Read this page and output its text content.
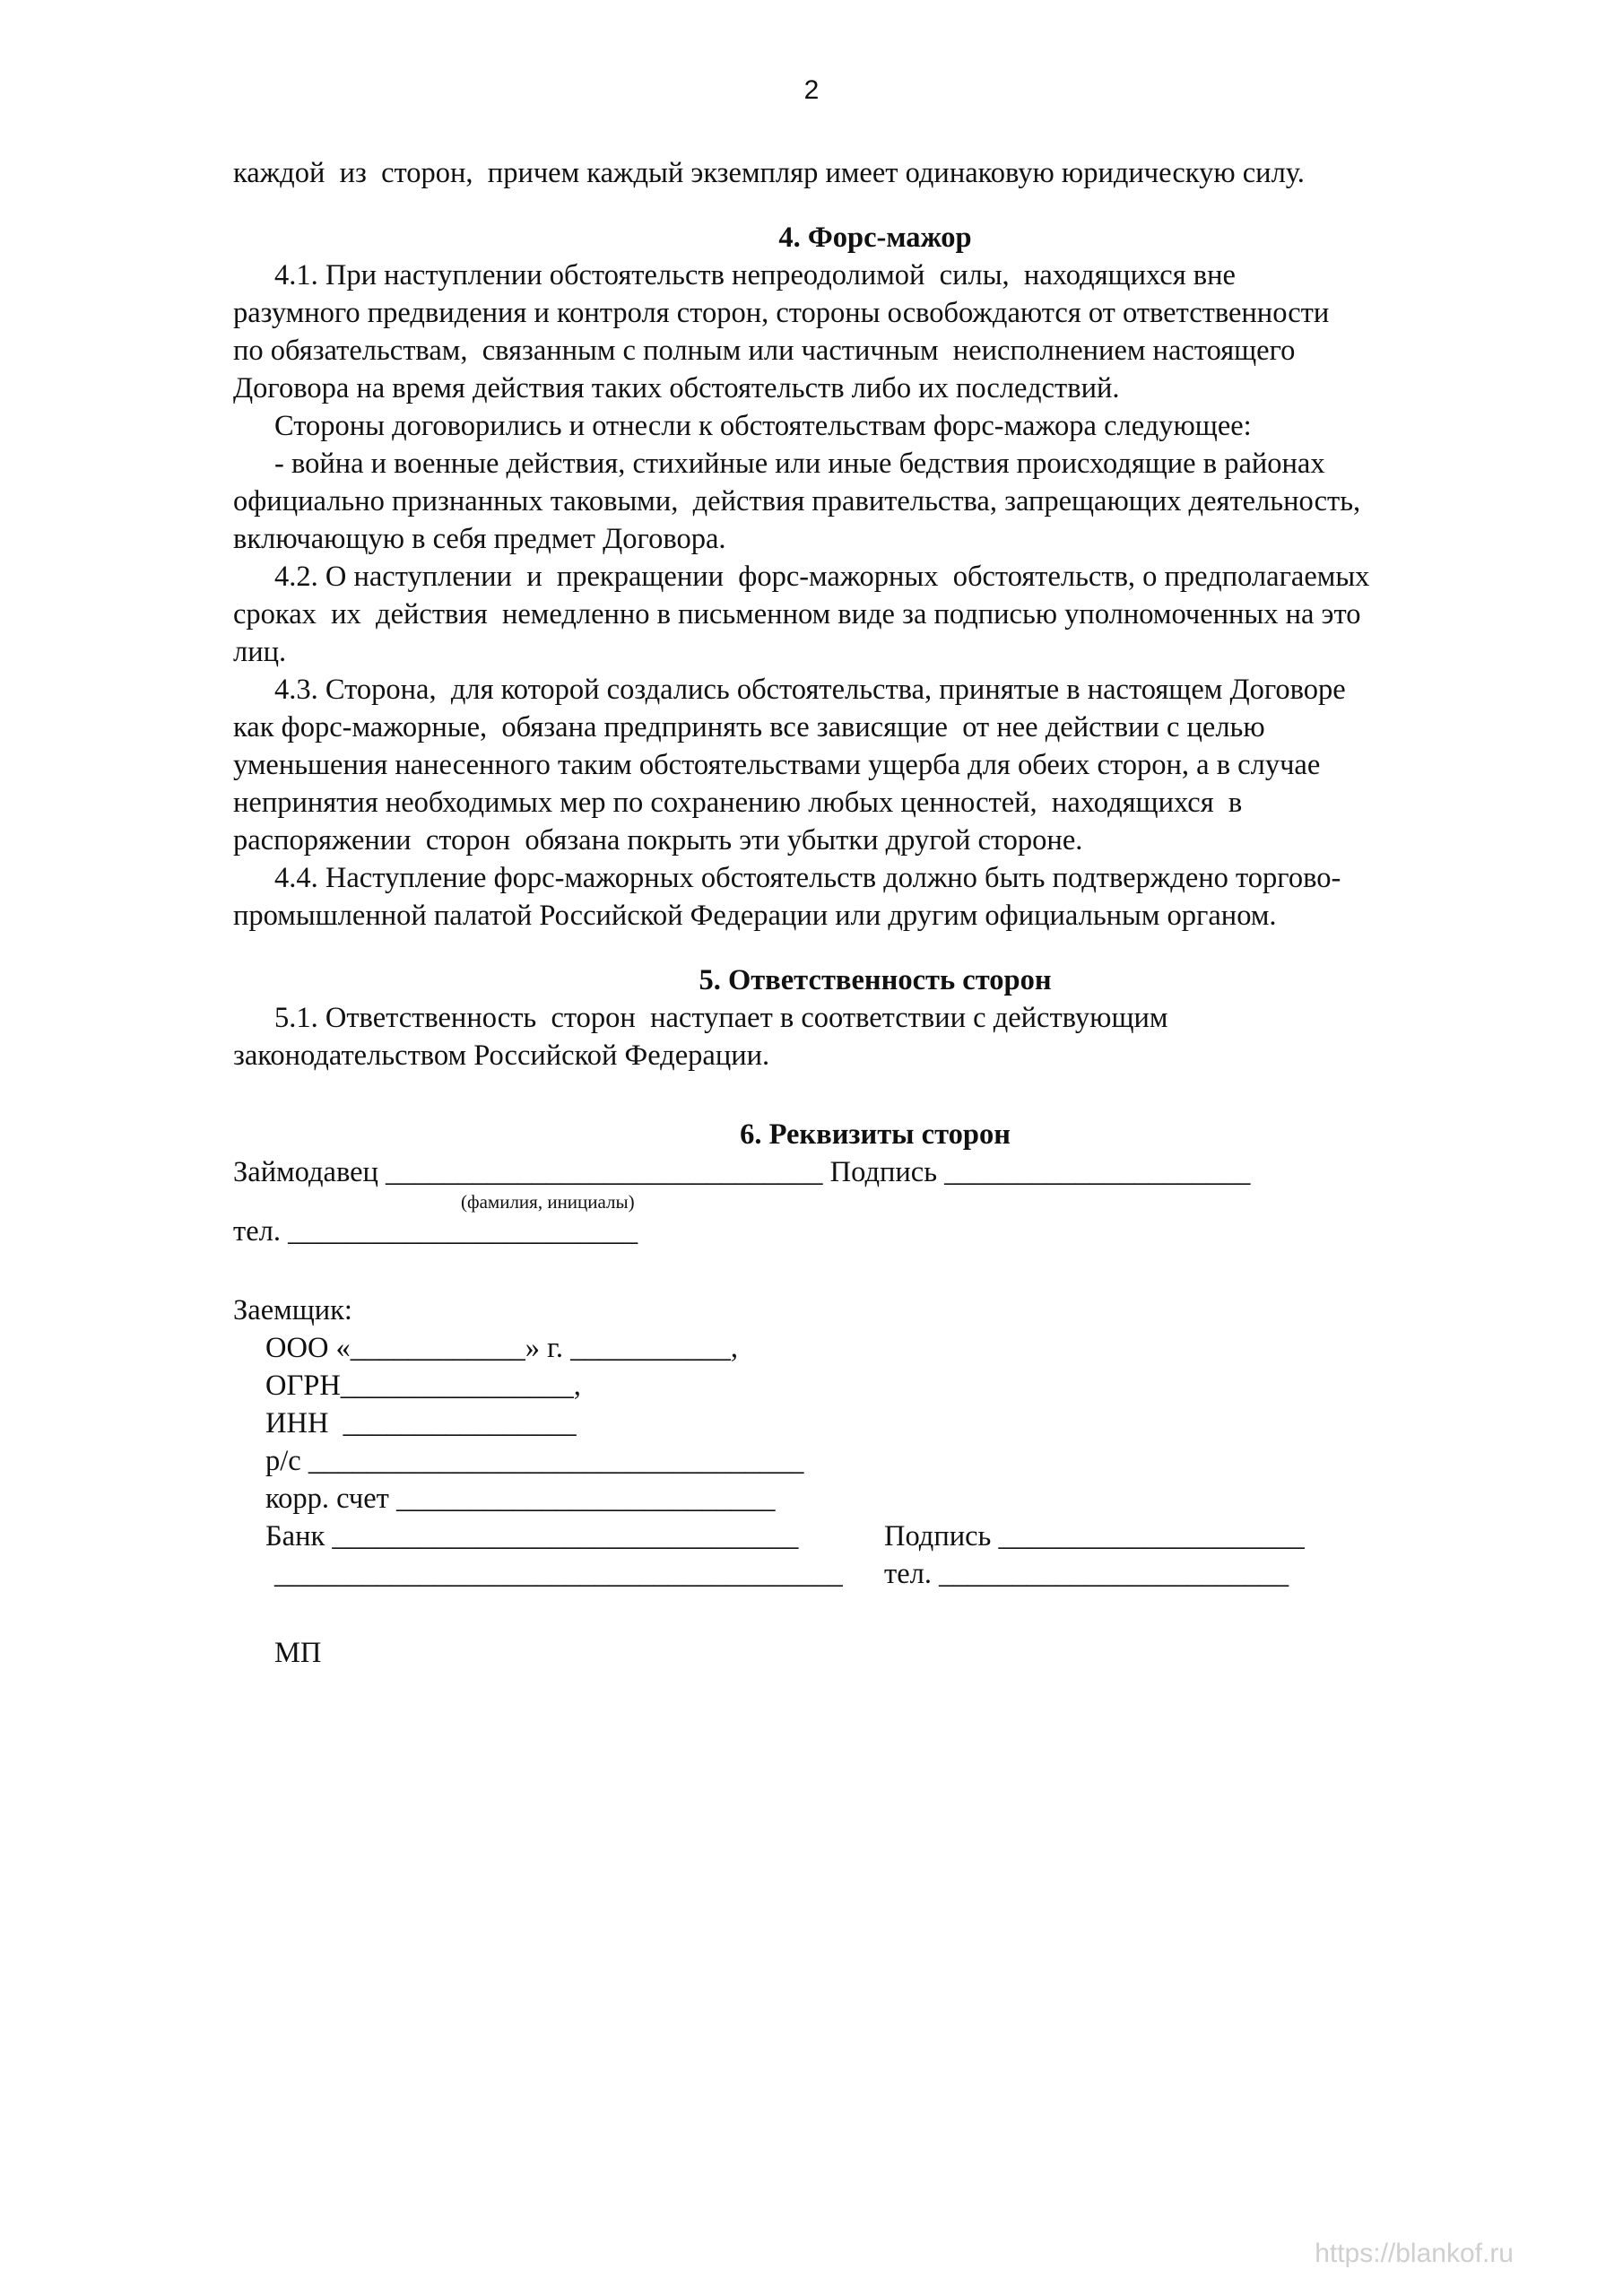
2
каждой  из  сторон,  причем каждый экземпляр имеет одинаковую юридическую силу.
4. Форс-мажор
4.1. При наступлении обстоятельств непреодолимой  силы,  находящихся вне
разумного предвидения и контроля сторон, стороны освобождаются от ответственности
по обязательствам,  связанным с полным или частичным  неисполнением настоящего
Договора на время действия таких обстоятельств либо их последствий.
Стороны договорились и отнесли к обстоятельствам форс-мажора следующее:
- война и военные действия, стихийные или иные бедствия происходящие в районах
официально признанных таковыми,  действия правительства, запрещающих деятельность,
включающую в себя предмет Договора.
4.2. О наступлении  и  прекращении  форс-мажорных  обстоятельств, о предполагаемых
сроках  их  действия  немедленно в письменном виде за подписью уполномоченных на это
лиц.
4.3. Сторона,  для которой создались обстоятельства, принятые в настоящем Договоре
как форс-мажорные,  обязана предпринять все зависящие  от нее действии с целью
уменьшения нанесенного таким обстоятельствами ущерба для обеих сторон, а в случае
непринятия необходимых мер по сохранению любых ценностей,  находящихся  в
распоряжении  сторон  обязана покрыть эти убытки другой стороне.
4.4. Наступление форс-мажорных обстоятельств должно быть подтверждено торгово-
промышленной палатой Российской Федерации или другим официальным органом.
5. Ответственность сторон
5.1. Ответственность  сторон  наступает в соответствии с действующим
законодательством Российской Федерации.
6. Реквизиты сторон
Займодавец ______________________________ Подпись _____________________
(фамилия, инициалы)
тел. ________________________
Заемщик:
ООО «____________» г. ___________,
ОГРН________________,
ИНН  ________________
р/с __________________________________
корр. счет __________________________
Банк ________________________________	Подпись _____________________
_______________________________________	тел. ________________________
МП
https://blankof.ru
